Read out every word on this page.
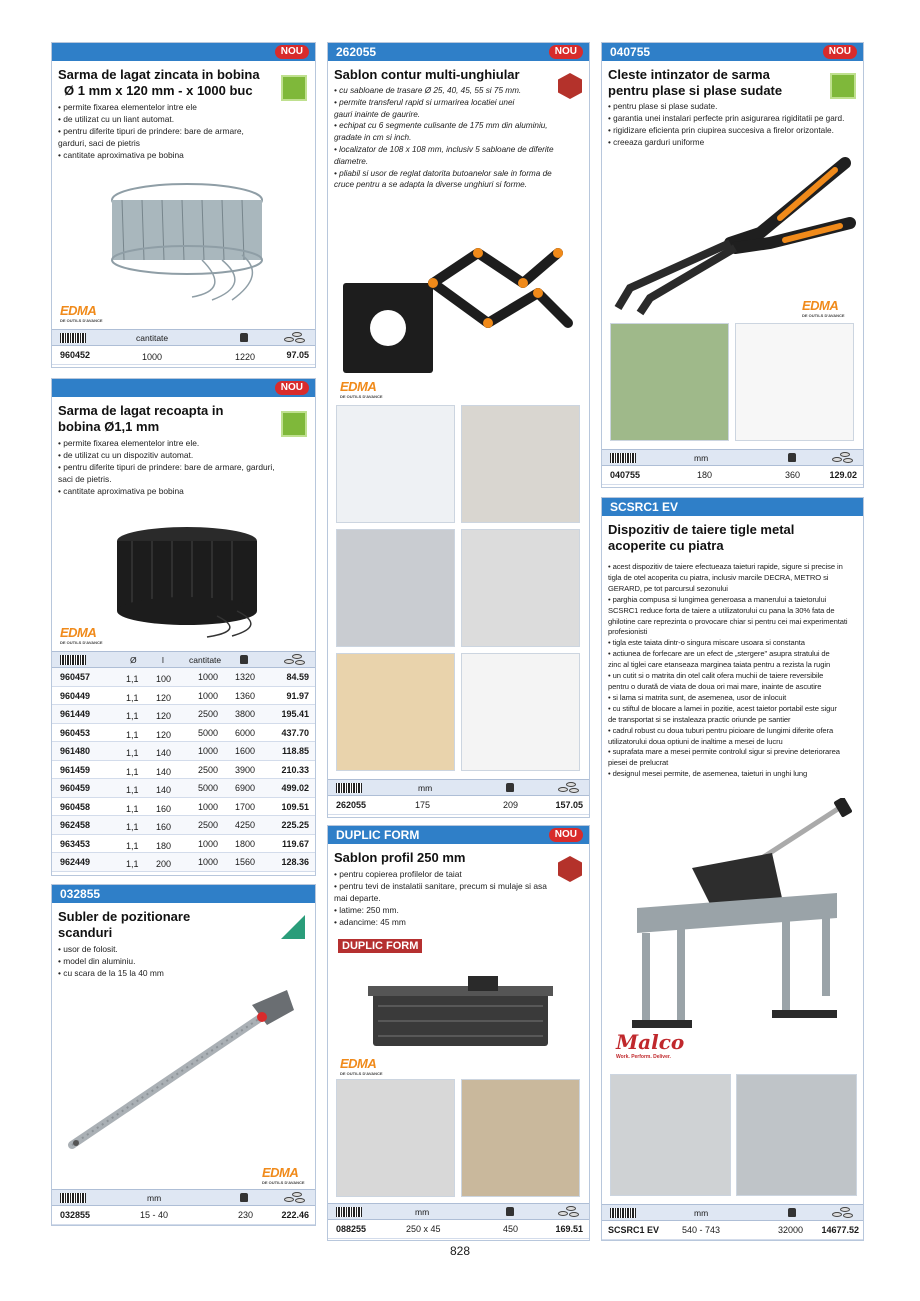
NOU
Sarma de lagat zincata in bobina
Ø 1 mm x 120 mm - x 1000 buc
• permite fixarea elementelor intre ele
• de utilizat cu un liant automat.
• pentru diferite tipuri de prindere: bare de armare,
garduri, saci de pietris
• cantitate aproximativa pe bobina
EDMA
DE OUTILS D'AVANCE
cantitate
960452	1000	1220	97.05
NOU
Sarma de lagat recoapta in
bobina Ø1,1 mm
• permite fixarea elementelor intre ele.
• de utilizat cu un dispozitiv automat.
• pentru diferite tipuri de prindere: bare de armare, garduri,
saci de pietris.
• cantitate aproximativa pe bobina
EDMA
DE OUTILS D'AVANCE
Ø	l	cantitate
960457	1,1 100	1000 1320	84.59
960449	1,1 120	1000 1360	91.97
961449	1,1 120	2500 3800	195.41
960453	1,1 120	5000 6000	437.70
961480	1,1 140	1000 1600	118.85
961459	1,1 140	2500 3900	210.33
960459	1,1 140	5000 6900	499.02
960458	1,1 160	1000 1700	109.51
962458	1,1 160	2500 4250	225.25
963453	1,1 180	1000 1800	119.67
962449	1,1 200	1000 1560	128.36
032855
Subler de pozitionare
scanduri
• usor de folosit.
• model din aluminiu.
• cu scara de la 15 la 40 mm
EDMA
DE OUTILS D'AVANCE
mm
032855	15 - 40	230	222.46
262055	NOU
Sablon contur multi-unghiular
• cu sabloane de trasare Ø 25, 40, 45, 55 si 75 mm.
• permite transferul rapid si urmarirea locatiei unei
gauri inainte de gaurire.
• echipat cu 6 segmente culisante de 175 mm din aluminiu,
gradate in cm si inch.
• localizator de 108 x 108 mm, inclusiv 5 sabloane de diferite
diametre.
• pliabil si usor de reglat datorita butoanelor sale in forma de
cruce pentru a se adapta la diverse unghiuri si forme.
EDMA
DE OUTILS D'AVANCE
mm
262055	175	209	157.05
DUPLIC FORM	NOU
Sablon profil 250 mm
• pentru copierea profilelor de taiat
• pentru tevi de instalatii sanitare, precum si mulaje si asa
mai departe.
• latime: 250 mm.
• adancime: 45 mm
DUPLIC FORM
EDMA
DE OUTILS D'AVANCE
mm
088255	250 x 45	450	169.51
040755	NOU
Cleste intinzator de sarma
pentru plase si plase sudate
• pentru plase si plase sudate.
• garantia unei instalari perfecte prin asigurarea rigiditatii pe gard.
• rigidizare eficienta prin ciupirea succesiva a firelor orizontale.
• creeaza garduri uniforme
EDMA
DE OUTILS D'AVANCE
mm
040755	180	360	129.02
SCSRC1 EV
Dispozitiv de taiere tigle metal
acoperite cu piatra
• acest dispozitiv de taiere efectueaza taieturi rapide, sigure si precise in
tigla de otel acoperita cu piatra, inclusiv marcile DECRA, METRO si
GERARD, pe tot parcursul sezonului
• parghia compusa si lungimea generoasa a manerului a taietorului
SCSRC1 reduce forta de taiere a utilizatorului cu pana la 30% fata de
ghilotine care reprezinta o provocare chiar si pentru cei mai experimentati
profesionisti
• tigla este taiata dintr-o singura miscare usoara si constanta
• actiunea de forfecare are un efect de „stergere" asupra stratului de
zinc al tiglei care etanseaza marginea taiata pentru a rezista la rugin
• un cutit si o matrita din otel calit ofera muchii de taiere reversibile
pentru o durată de viata de doua ori mai mare, inainte de ascutire
• si lama si matrita sunt, de asemenea, usor de inlocuit
• cu stiftul de blocare a lamei in pozitie, acest taietor portabil este sigur
de transportat si se instaleaza practic oriunde pe santier
• cadrul robust cu doua tuburi pentru picioare de lungimi diferite ofera
utilizatorului doua optiuni de inaltime a mesei de lucru
• suprafata mare a mesei permite controlul sigur si previne deteriorarea
piesei de prelucrat
• designul mesei permite, de asemenea, taieturi in unghi lung
Malco
Work. Perform. Deliver.
mm
SCSRC1 EV	540 - 743	32000 14677.52
828
